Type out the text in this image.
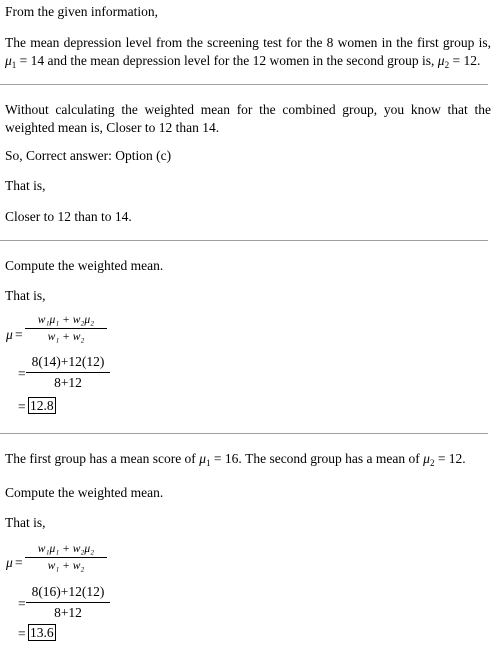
From the given information,
The mean depression level from the screening test for the 8 women in the first group is, $\mu_1 = 14$ and the mean depression level for the 12 women in the second group is, $\mu_2 = 12$.
Without calculating the weighted mean for the combined group, you know that the weighted mean is, Closer to 12 than 14.
So, Correct answer: Option (c)
That is,
Closer to 12 than to 14.
Compute the weighted mean.
That is,
μ =
w₁μ₁ + w₂μ₂
w₁ + w₂
=
8(14)+12(12)
8+12
= 12.8
The first group has a mean score of $\mu_1 = 16$. The second group has a mean of $\mu_2 = 12$.
Compute the weighted mean.
That is,
μ =
w₁μ₁ + w₂μ₂
w₁ + w₂
=
8(16)+12(12)
8+12
= 13.6
